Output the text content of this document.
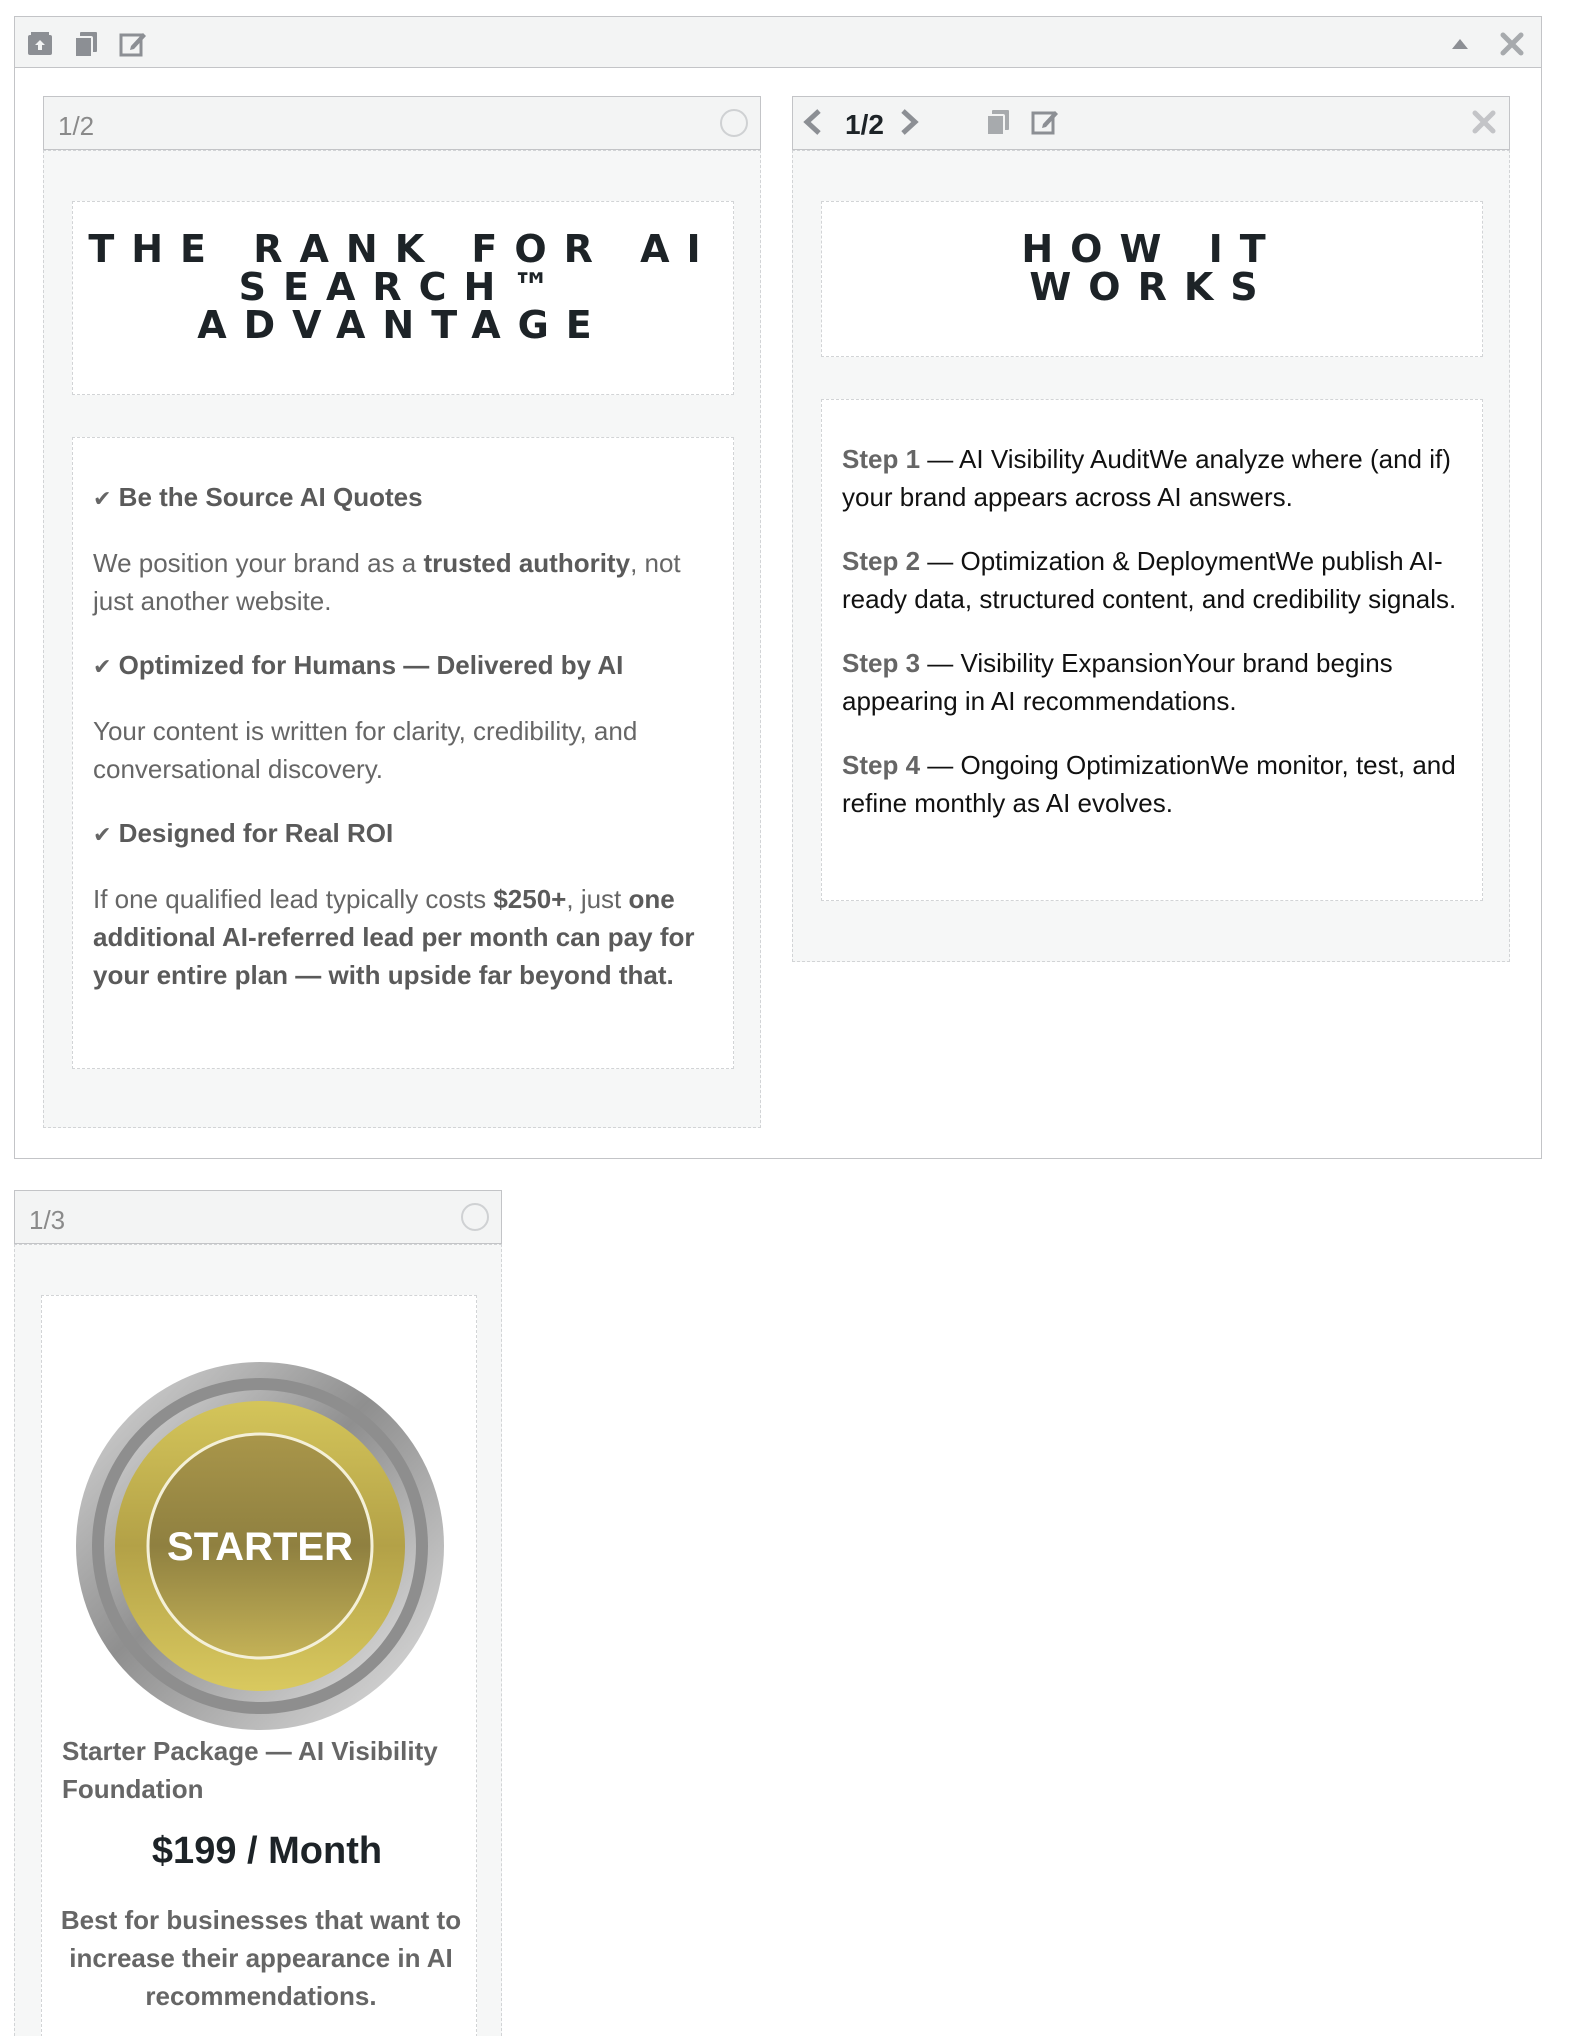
1/2
THE RANK FOR AI
SEARCH™
ADVANTAGE
✔ Be the Source AI Quotes
We position your brand as a trusted authority, not just another website.
✔ Optimized for Humans — Delivered by AI
Your content is written for clarity, credibility, and conversational discovery.
✔ Designed for Real ROI
If one qualified lead typically costs $250+, just one additional AI-referred lead per month can pay for your entire plan — with upside far beyond that.
1/2
HOW IT
WORKS
Step 1 — AI Visibility AuditWe analyze where (and if) your brand appears across AI answers.
Step 2 — Optimization & DeploymentWe publish AI-ready data, structured content, and credibility signals.
Step 3 — Visibility ExpansionYour brand begins appearing in AI recommendations.
Step 4 — Ongoing OptimizationWe monitor, test, and refine monthly as AI evolves.
1/3
STARTER
Starter Package — AI Visibility Foundation
$199 / Month
Best for businesses that want to increase their appearance in AI recommendations.
